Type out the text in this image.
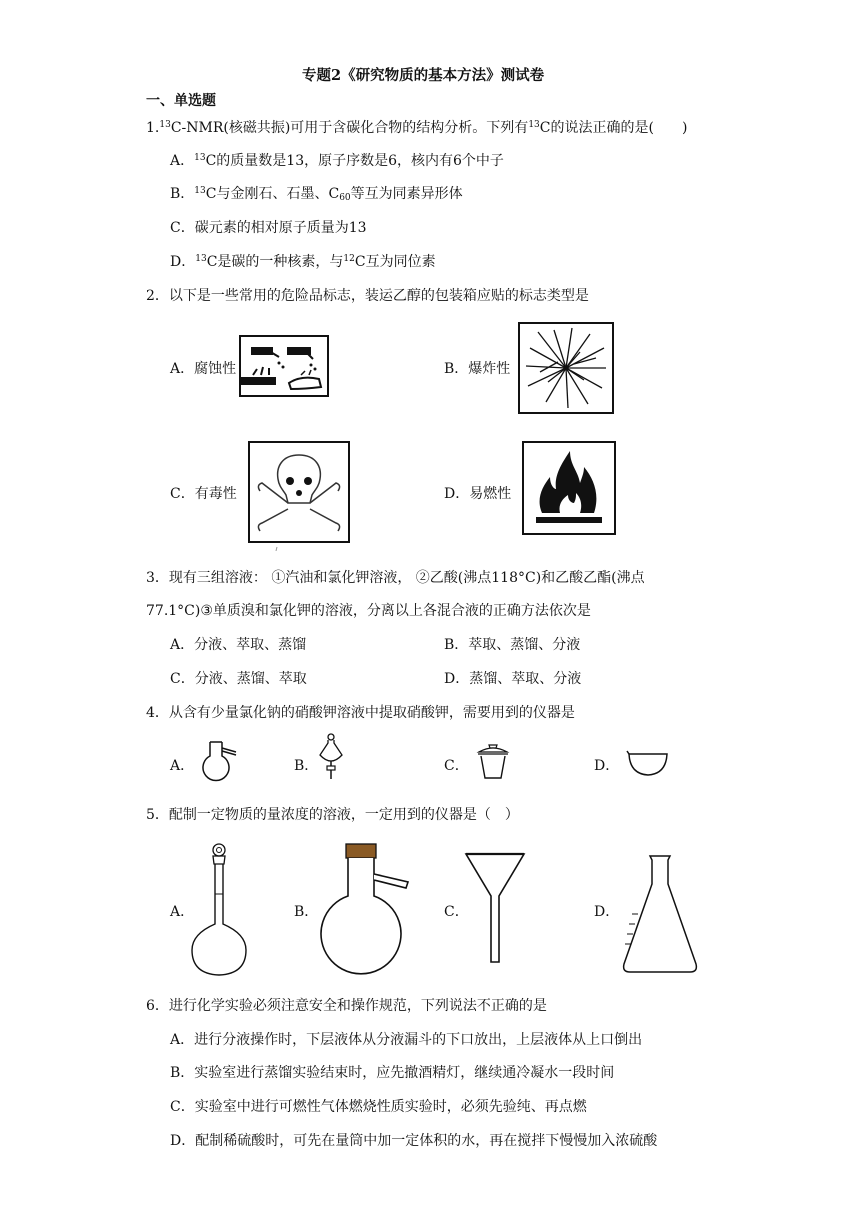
专题2《研究物质的基本方法》测试卷
一、单选题
1.13C-NMR(核磁共振)可用于含碳化合物的结构分析。下列有$^{13}$C的说法正确的是(　　)
A．$^{13}$C的质量数是13，原子序数是6，核内有6个中子
B．$^{13}$C与金刚石、石墨、$C_{60}$等互为同素异形体
C．碳元素的相对原子质量为13
D．$^{13}$C是碳的一种核素，与$^{12}$C互为同位素
2．以下是一些常用的危险品标志，装运乙醇的包装箱应贴的标志类型是
A．腐蚀性	B．爆炸性
C．有毒性	D．易燃性
3．现有三组溶液： ①汽油和氯化钾溶液， ②乙酸(沸点118°C)和乙酸乙酯(沸点
77.1°C)③单质溴和氯化钾的溶液，分离以上各混合液的正确方法依次是
A．分液、萃取、蒸馏	B．萃取、蒸馏、分液
C．分液、蒸馏、萃取	D．蒸馏、萃取、分液
4．从含有少量氯化钠的硝酸钾溶液中提取硝酸钾，需要用到的仪器是
A．	B．	C．	D．
5．配制一定物质的量浓度的溶液，一定用到的仪器是（　）
A．	B．	C．	D．
6．进行化学实验必须注意安全和操作规范，下列说法不正确的是
A．进行分液操作时，下层液体从分液漏斗的下口放出，上层液体从上口倒出
B．实验室进行蒸馏实验结束时，应先撤酒精灯，继续通冷凝水一段时间
C．实验室中进行可燃性气体燃烧性质实验时，必须先验纯、再点燃
D．配制稀硫酸时，可先在量筒中加一定体积的水，再在搅拌下慢慢加入浓硫酸
